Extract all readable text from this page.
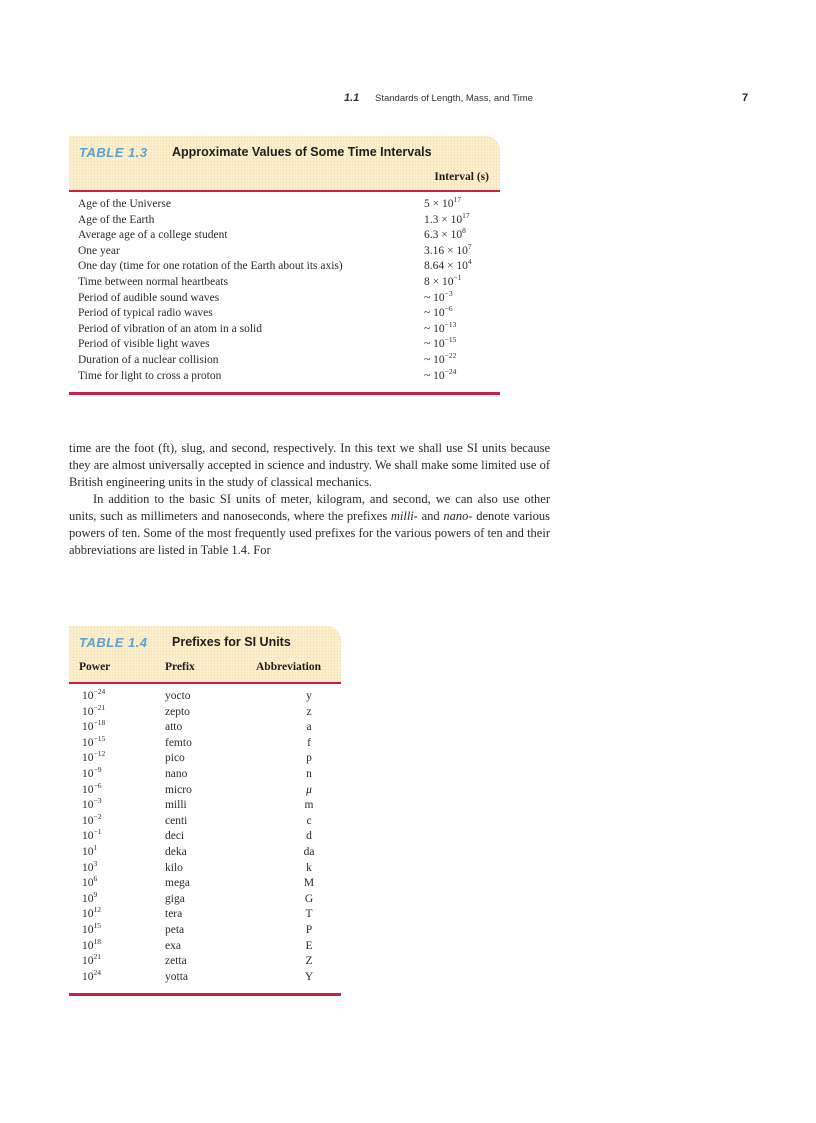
1.1 Standards of Length, Mass, and Time	7
TABLE 1.3 Approximate Values of Some Time Intervals
Interval (s)
Age of the Universe	$5 \times 10^{17}$
Age of the Earth	$1.3 \times 10^{17}$
Average age of a college student	$6.3 \times 10^8$
One year	$3.16 \times 10^7$
One day (time for one rotation of the Earth about its axis)	$8.64 \times 10^4$
Time between normal heartbeats	$8 \times 10^{-1}$
Period of audible sound waves	~ $10^{-3}$
Period of typical radio waves	~ $10^{-6}$
Period of vibration of an atom in a solid	~ $10^{-13}$
Period of visible light waves	~ $10^{-15}$
Duration of a nuclear collision	~ $10^{-22}$
Time for light to cross a proton	~ $10^{-24}$

time are the foot (ft), slug, and second, respectively. In this text we shall use SI units because they are almost universally accepted in science and industry. We shall make some limited use of British engineering units in the study of classical mechanics.

In addition to the basic SI units of meter, kilogram, and second, we can also use other units, such as millimeters and nanoseconds, where the prefixes milli- and nano- denote various powers of ten. Some of the most frequently used prefixes for the various powers of ten and their abbreviations are listed in Table 1.4. For

TABLE 1.4 Prefixes for SI Units
Power	Prefix	Abbreviation
$10^{-24}$	yocto	y
$10^{-21}$	zepto	z
$10^{-18}$	atto	a
$10^{-15}$	femto	f
$10^{-12}$	pico	p
$10^{-9}$	nano	n
$10^{-6}$	micro	μ
$10^{-3}$	milli	m
$10^{-2}$	centi	c
$10^{-1}$	deci	d
$10^1$	deka	da
$10^3$	kilo	k
$10^6$	mega	M
$10^9$	giga	G
$10^{12}$	tera	T
$10^{15}$	peta	P
$10^{18}$	exa	E
$10^{21}$	zetta	Z
$10^{24}$	yotta	Y
